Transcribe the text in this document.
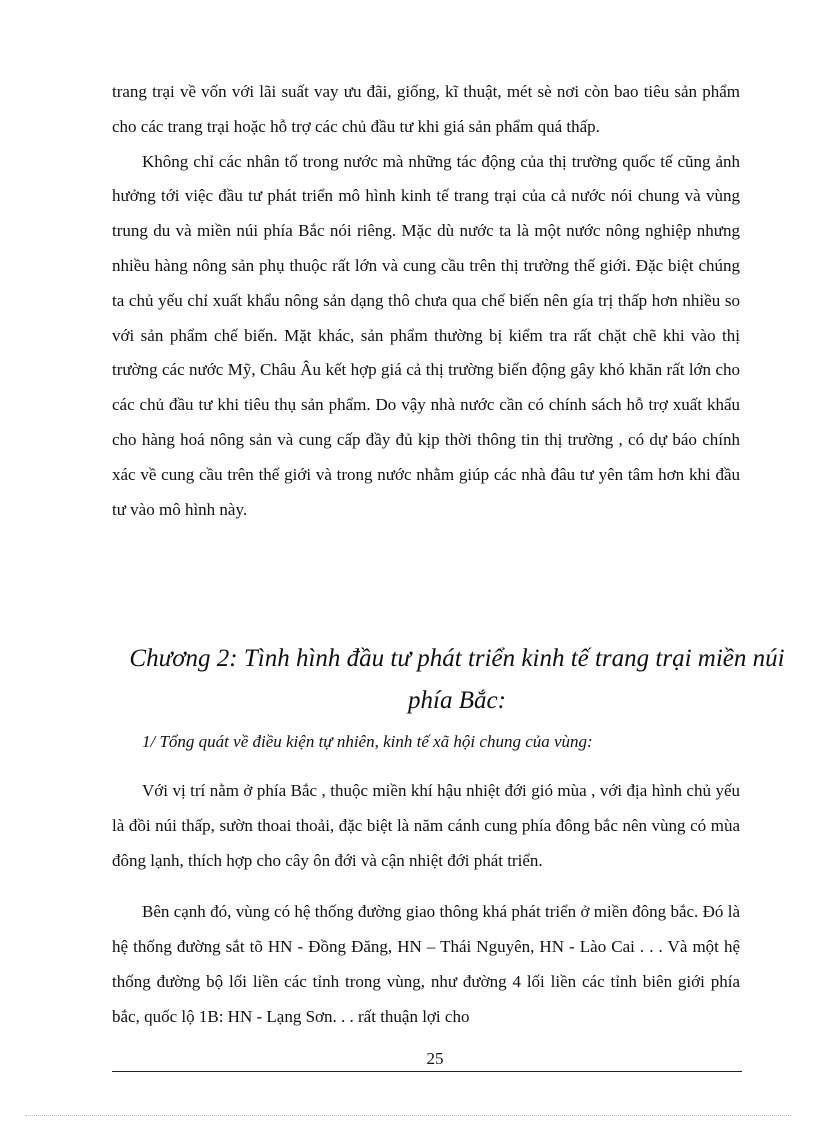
trang trại về vốn với lãi suất vay ưu đãi, giống, kĩ thuật, mét sè nơi còn bao tiêu sản phẩm cho các trang trại hoặc hỗ trợ các chủ đầu tư khi giá sản phẩm quá thấp.

Không chỉ các nhân tố trong nước mà những tác động của thị trường quốc tế cũng ảnh hưởng tới việc đầu tư phát triển mô hình kinh tế trang trại của cả nước nói chung và vùng trung du và miền núi phía Bắc nói riêng. Mặc dù nước ta là một nước nông nghiệp nhưng nhiều hàng nông sản phụ thuộc rất lớn và cung cầu trên thị trường thế giới. Đặc biệt chúng ta chủ yếu chỉ xuất khẩu nông sản dạng thô chưa qua chế biến nên gía trị thấp hơn nhiều so với sản phẩm chế biến. Mặt khác, sản phẩm thường bị kiểm tra rất chặt chẽ khi vào thị trường các nước Mỹ, Châu Âu kết hợp giá cả thị trường biến động gây khó khăn rất lớn cho các chủ đầu tư khi tiêu thụ sản phẩm. Do vậy nhà nước cần có chính sách hỗ trợ xuất khẩu cho hàng hoá nông sản và cung cấp đầy đủ kịp thời thông tin thị trường , có dự báo chính xác về cung cầu trên thế giới và trong nước nhằm giúp các nhà đâu tư yên tâm hơn khi đầu tư vào mô hình này.

Chương 2: Tình hình đầu tư phát triển kinh tế trang trại miền núi phía Bắc:
1/ Tổng quát về điều kiện tự nhiên, kinh tế xã hội chung của vùng:

Với vị trí nằm ở phía Bắc , thuộc miền khí hậu nhiệt đới gió mùa , với địa hình chủ yếu là đồi núi thấp, sườn thoai thoải, đặc biệt là năm cánh cung phía đông bắc nên vùng có mùa đông lạnh, thích hợp cho cây ôn đới và cận nhiệt đới phát triển.

Bên cạnh đó, vùng có hệ thống đường giao thông khá phát triển ở miền đông bắc. Đó là hệ thống đường sắt tõ HN - Đồng Đăng, HN – Thái Nguyên, HN - Lào Cai . . . Và một hệ thống đường bộ lối liền các tỉnh trong vùng, như đường 4 lối liền các tỉnh biên giới phía bắc, quốc lộ 1B: HN - Lạng Sơn. . . rất thuận lợi cho

25
